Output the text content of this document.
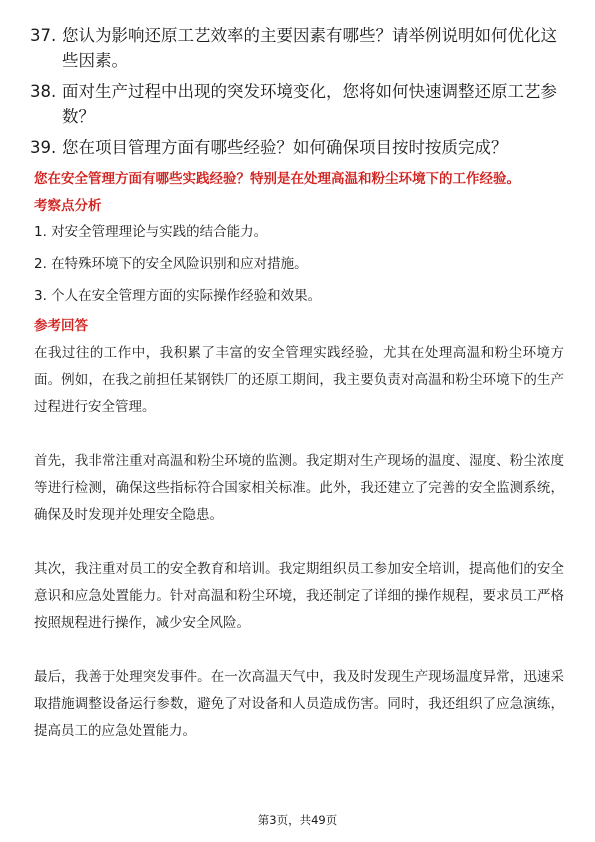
37. 您认为影响还原工艺效率的主要因素有哪些？请举例说明如何优化这些因素。
38. 面对生产过程中出现的突发环境变化，您将如何快速调整还原工艺参数？
39. 您在项目管理方面有哪些经验？如何确保项目按时按质完成？
您在安全管理方面有哪些实践经验？特别是在处理高温和粉尘环境下的工作经验。
考察点分析
1. 对安全管理理论与实践的结合能力。
2. 在特殊环境下的安全风险识别和应对措施。
3. 个人在安全管理方面的实际操作经验和效果。
参考回答

在我过往的工作中，我积累了丰富的安全管理实践经验，尤其在处理高温和粉尘环境方面。例如，在我之前担任某钢铁厂的还原工期间，我主要负责对高温和粉尘环境下的生产过程进行安全管理。

首先，我非常注重对高温和粉尘环境的监测。我定期对生产现场的温度、湿度、粉尘浓度等进行检测，确保这些指标符合国家相关标准。此外，我还建立了完善的安全监测系统，确保及时发现并处理安全隐患。

其次，我注重对员工的安全教育和培训。我定期组织员工参加安全培训，提高他们的安全意识和应急处置能力。针对高温和粉尘环境，我还制定了详细的操作规程，要求员工严格按照规程进行操作，减少安全风险。

最后，我善于处理突发事件。在一次高温天气中，我及时发现生产现场温度异常，迅速采取措施调整设备运行参数，避免了对设备和人员造成伤害。同时，我还组织了应急演练，提高员工的应急处置能力。

第3页，共49页
